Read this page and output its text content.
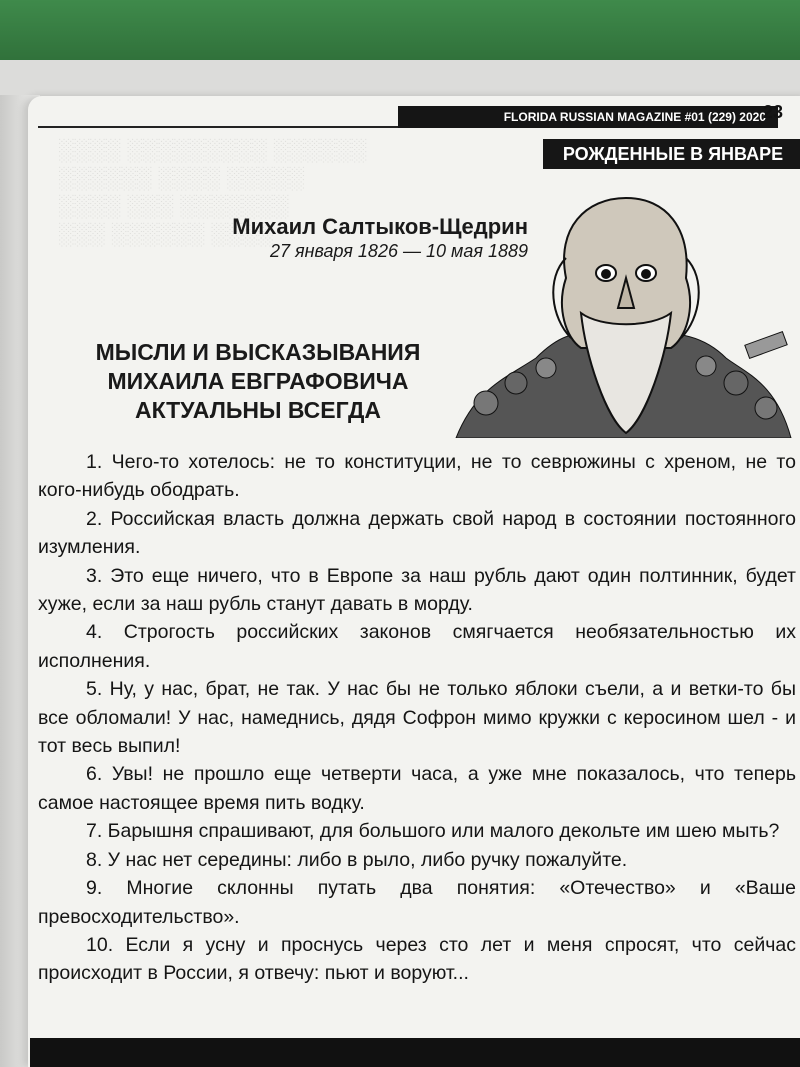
░░░░ ░░░░░░░░░ ░░░░░░
░░░░░░ ░░░░ ░░░░░
░░░░ ░░░ ░░░░░░░
░░░ ░░░░░░ ░░░░
FLORIDA RUSSIAN MAGAZINE #01 (229) 2020
23
РОЖДЕННЫЕ В ЯНВАРЕ
Михаил Салтыков-Щедрин
27 января 1826 — 10 мая 1889
МЫСЛИ И ВЫСКАЗЫВАНИЯ
МИХАИЛА ЕВГРАФОВИЧА
АКТУАЛЬНЫ ВСЕГДА

1. Чего-то хотелось: не то конституции, не то севрюжины с хреном, не то кого-нибудь ободрать.

2. Российская власть должна держать свой народ в состоянии постоянного изумления.

3. Это еще ничего, что в Европе за наш рубль дают один полтинник, будет хуже, если за наш рубль станут давать в морду.

4. Строгость российских законов смягчается необязательностью их исполнения.

5. Ну, у нас, брат, не так. У нас бы не только яблоки съели, а и ветки-то бы все обломали! У нас, намеднись, дядя Софрон мимо кружки с керосином шел - и тот весь выпил!

6. Увы! не прошло еще четверти часа, а уже мне показалось, что теперь самое настоящее время пить водку.

7. Барышня спрашивают, для большого или малого декольте им шею мыть?

8. У нас нет середины: либо в рыло, либо ручку пожалуйте.

9. Многие склонны путать два понятия: «Отечество» и «Ваше превосходительство».

10. Если я усну и проснусь через сто лет и меня спросят, что сейчас происходит в России, я отвечу: пьют и воруют...
